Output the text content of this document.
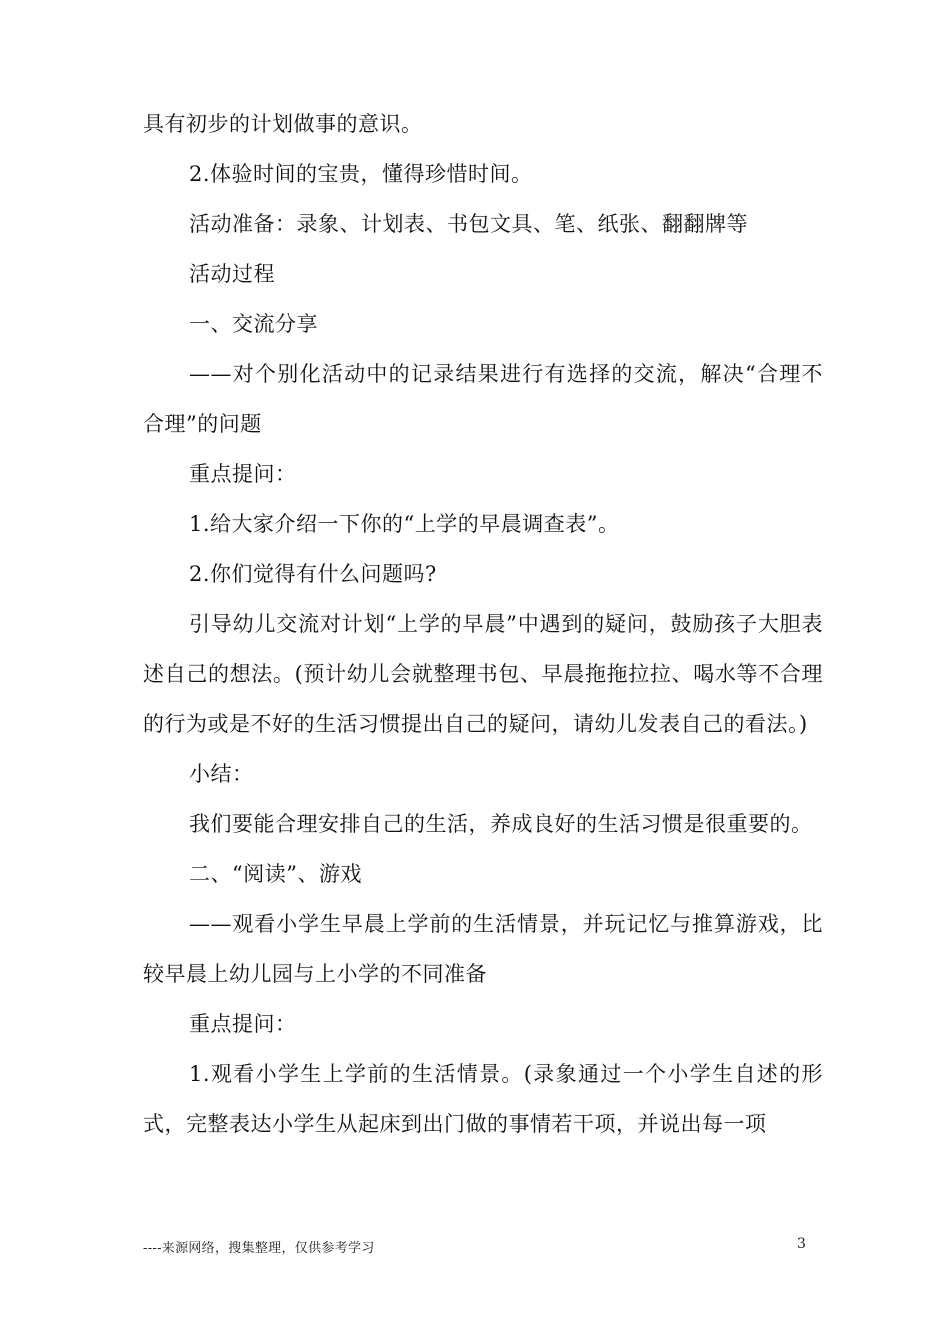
具有初步的计划做事的意识。

2.体验时间的宝贵，懂得珍惜时间。

活动准备：录象、计划表、书包文具、笔、纸张、翻翻牌等

活动过程

一、交流分享

——对个别化活动中的记录结果进行有选择的交流，解决“合理不合理”的问题

重点提问：

1.给大家介绍一下你的“上学的早晨调查表”。

2.你们觉得有什么问题吗?

引导幼儿交流对计划“上学的早晨”中遇到的疑问，鼓励孩子大胆表述自己的想法。(预计幼儿会就整理书包、早晨拖拖拉拉、喝水等不合理的行为或是不好的生活习惯提出自己的疑问，请幼儿发表自己的看法。)

小结：

我们要能合理安排自己的生活，养成良好的生活习惯是很重要的。

二、“阅读”、游戏

——观看小学生早晨上学前的生活情景，并玩记忆与推算游戏，比较早晨上幼儿园与上小学的不同准备

重点提问：

1.观看小学生上学前的生活情景。(录象通过一个小学生自述的形式，完整表达小学生从起床到出门做的事情若干项，并说出每一项

----来源网络，搜集整理，仅供参考学习	3
